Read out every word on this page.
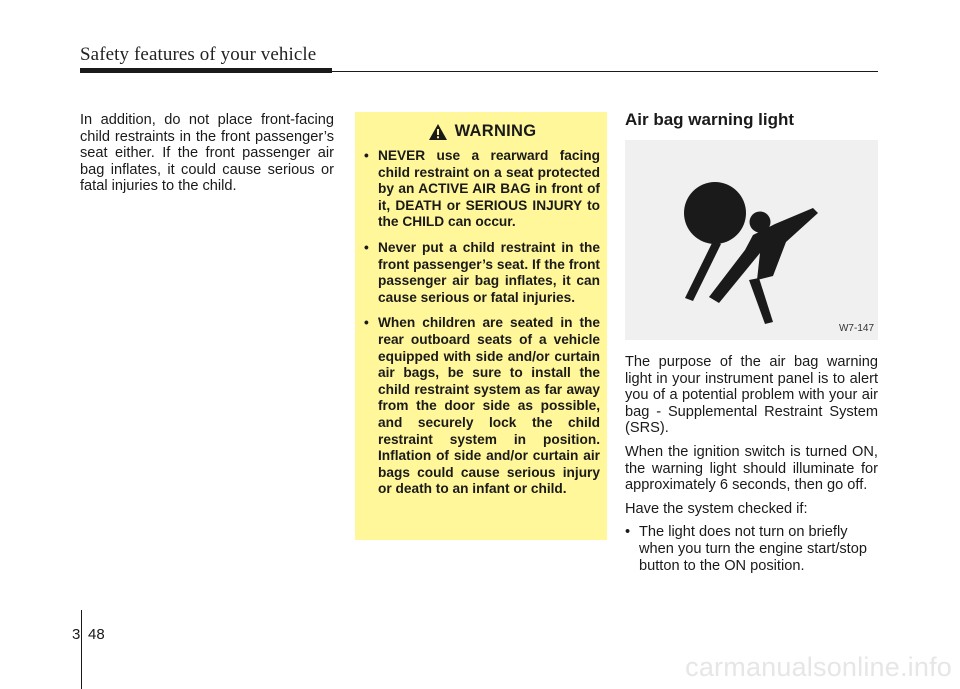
Safety features of your vehicle
In addition, do not place front-facing child restraints in the front passenger’s seat either. If the front passenger air bag inflates, it could cause serious or fatal injuries to the child.
WARNING
• NEVER use a rearward facing child restraint on a seat protected by an ACTIVE AIR BAG in front of it, DEATH or SERIOUS INJURY to the CHILD can occur.
• Never put a child restraint in the front passenger’s seat. If the front passenger air bag inflates, it can cause serious or fatal injuries.
• When children are seated in the rear outboard seats of a vehicle equipped with side and/or curtain air bags, be sure to install the child restraint system as far away from the door side as possible, and securely lock the child restraint system in position. Inflation of side and/or curtain air bags could cause serious injury or death to an infant or child.
Air bag warning light
W7-147

The purpose of the air bag warning light in your instrument panel is to alert you of a potential problem with your air bag - Supplemental Restraint System (SRS).

When the ignition switch is turned ON, the warning light should illuminate for approximately 6 seconds, then go off.

Have the system checked if:

• The light does not turn on briefly when you turn the engine start/stop button to the ON position.
3 48
carmanualsonline.info
